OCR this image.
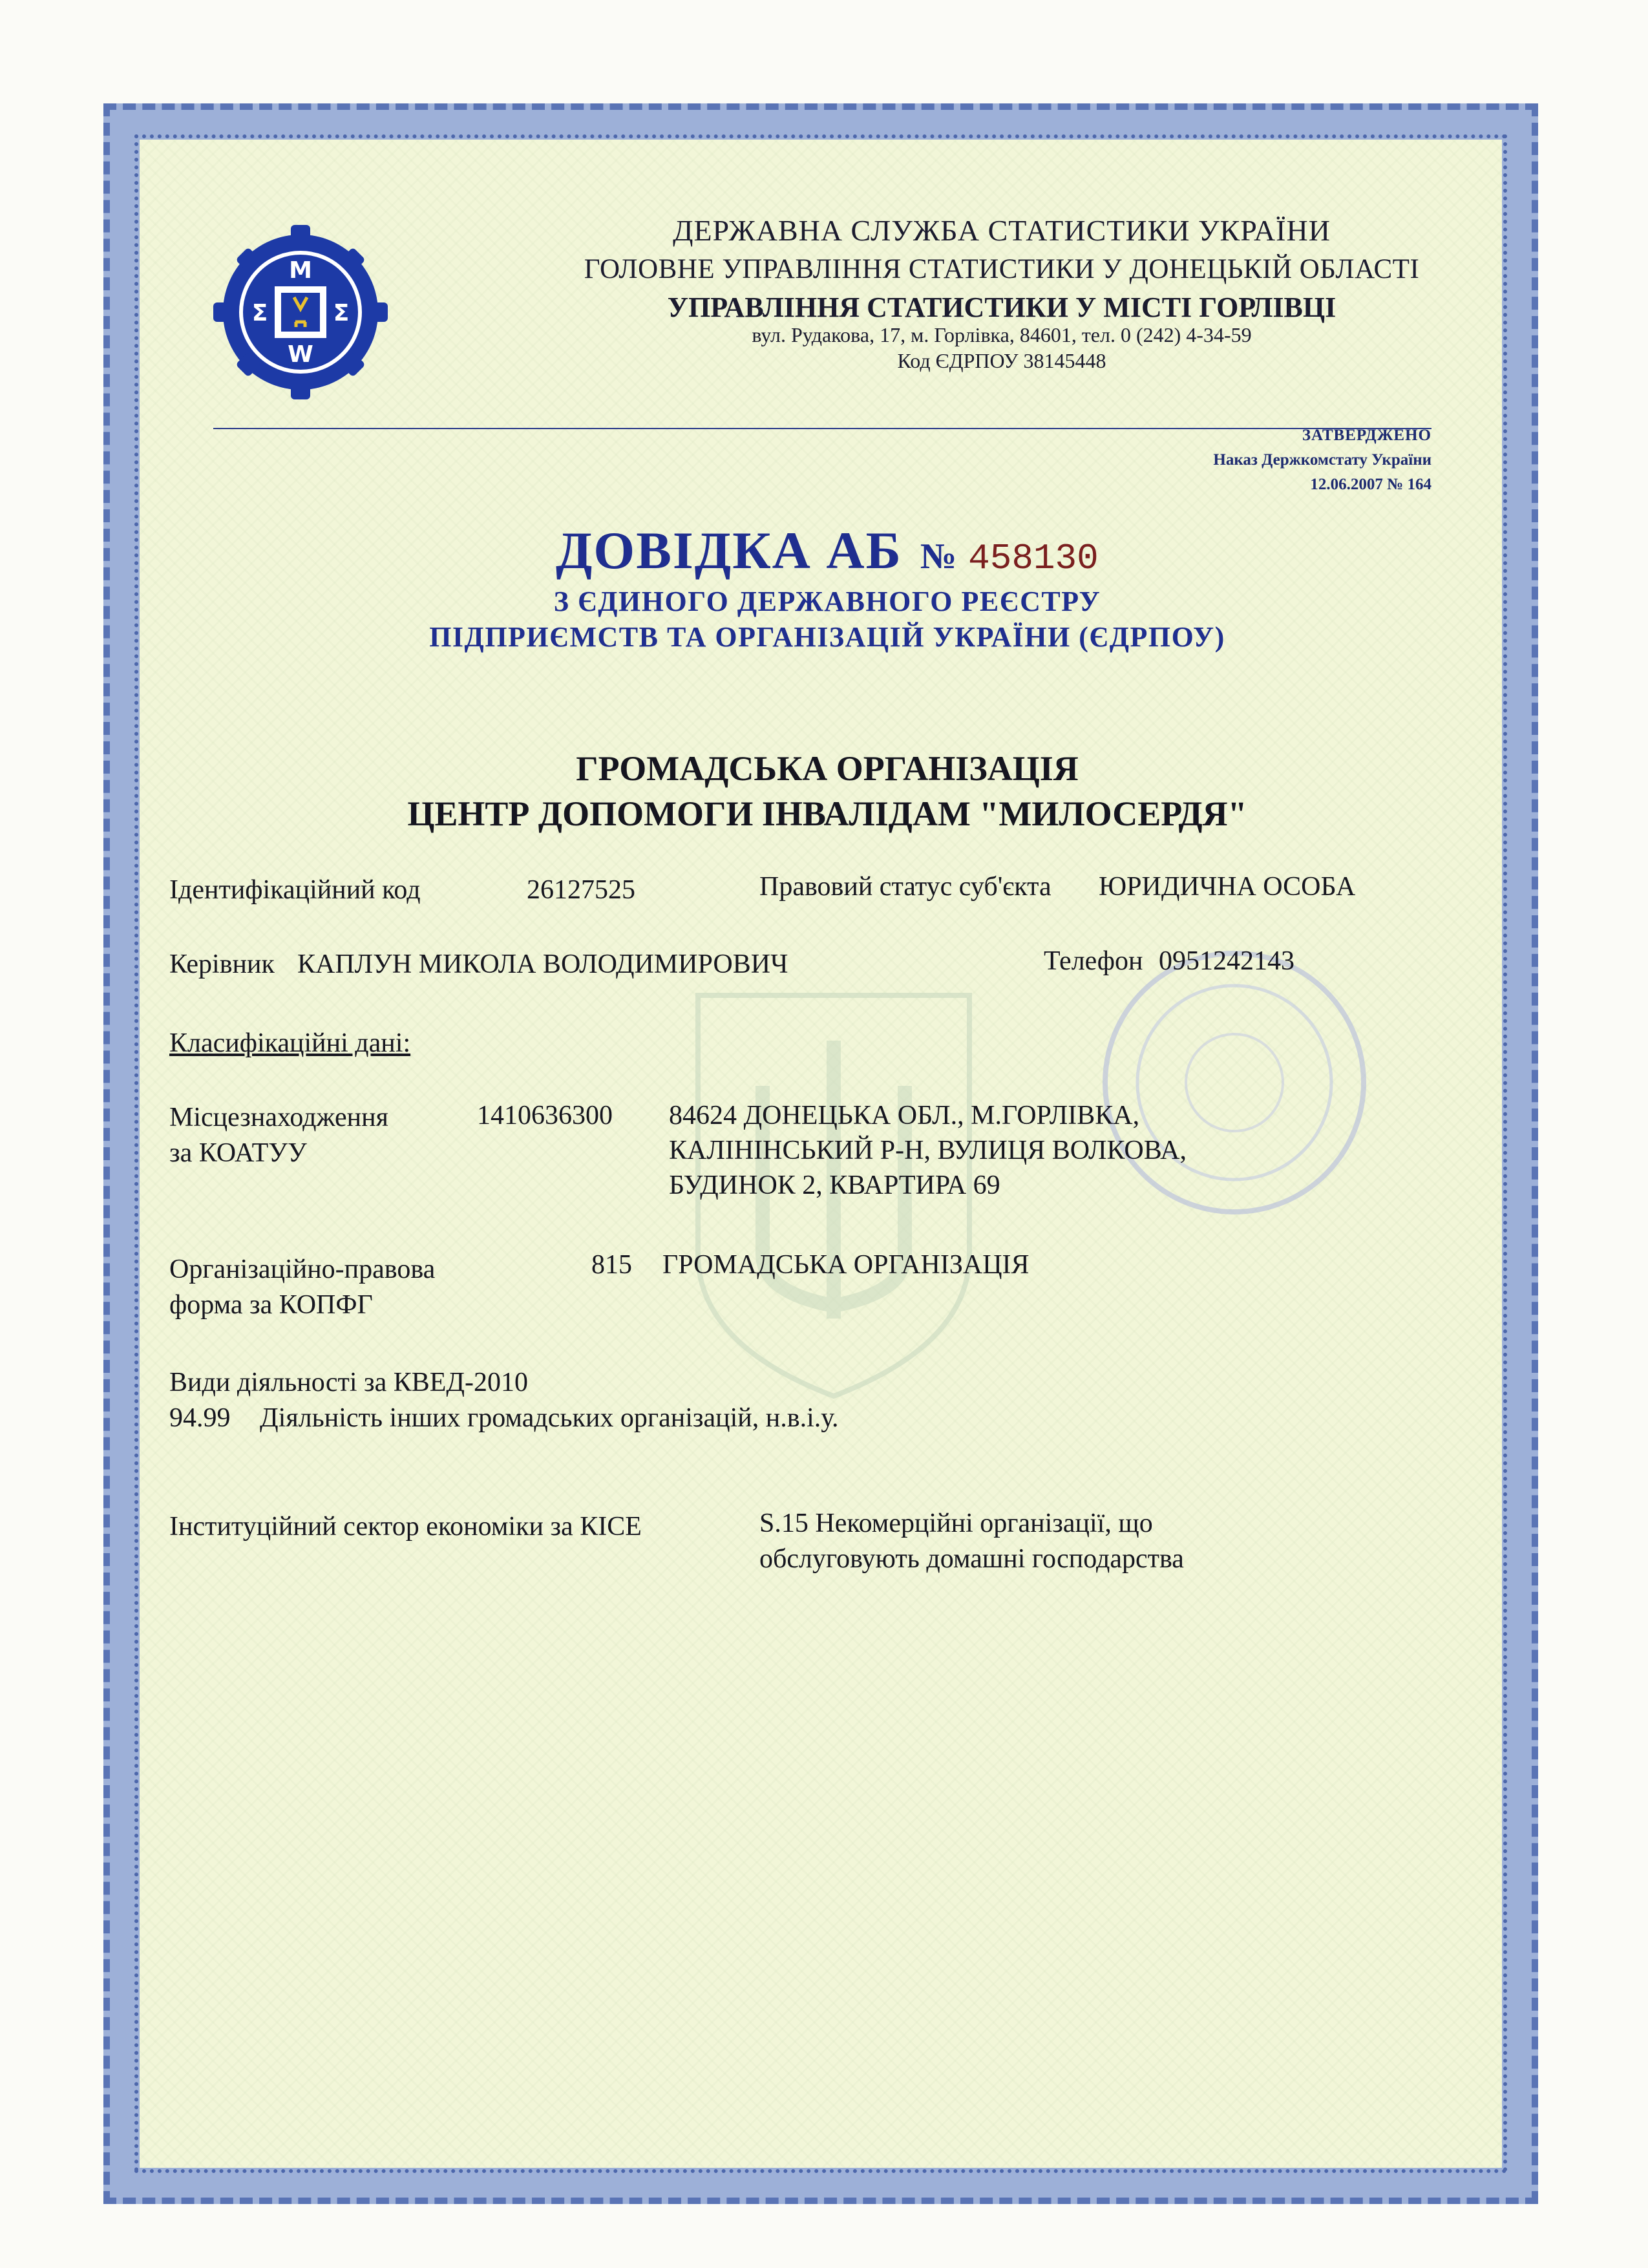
M
W
Σ	Σ
ДЕРЖАВНА СЛУЖБА СТАТИСТИКИ УКРАЇНИ
ГОЛОВНЕ УПРАВЛІННЯ СТАТИСТИКИ У ДОНЕЦЬКІЙ ОБЛАСТІ
УПРАВЛІННЯ СТАТИСТИКИ У МІСТІ ГОРЛІВЦІ
вул. Рудакова, 17, м. Горлівка, 84601, тел. 0 (242) 4-34-59
Код ЄДРПОУ 38145448
ЗАТВЕРДЖЕНО
Наказ Держкомстату України
12.06.2007 № 164
ДОВІДКА АБ № 458130
З ЄДИНОГО ДЕРЖАВНОГО РЕЄСТРУ
ПІДПРИЄМСТВ ТА ОРГАНІЗАЦІЙ УКРАЇНИ (ЄДРПОУ)
ГРОМАДСЬКА ОРГАНІЗАЦІЯ
ЦЕНТР ДОПОМОГИ ІНВАЛІДАМ "МИЛОСЕРДЯ"
Ідентифікаційний код	26127525	Правовий статус суб'єкта ЮРИДИЧНА ОСОБА
Керівник КАПЛУН МИКОЛА ВОЛОДИМИРОВИЧ	Телефон 0951242143
Класифікаційні дані:
Місцезнаходження
за КОАТУУ
1410636300 84624 ДОНЕЦЬКА ОБЛ., М.ГОРЛІВКА,
КАЛІНІНСЬКИЙ Р-Н, ВУЛИЦЯ ВОЛКОВА,
БУДИНОК 2, КВАРТИРА 69
Організаційно-правова
форма за КОПФГ
815 ГРОМАДСЬКА ОРГАНІЗАЦІЯ
Види діяльності за КВЕД-2010
94.99 Діяльність інших громадських організацій, н.в.і.у.
Інституційний сектор економіки за КІСЕ	S.15 Некомерційні організації, що
обслуговують домашні господарства
